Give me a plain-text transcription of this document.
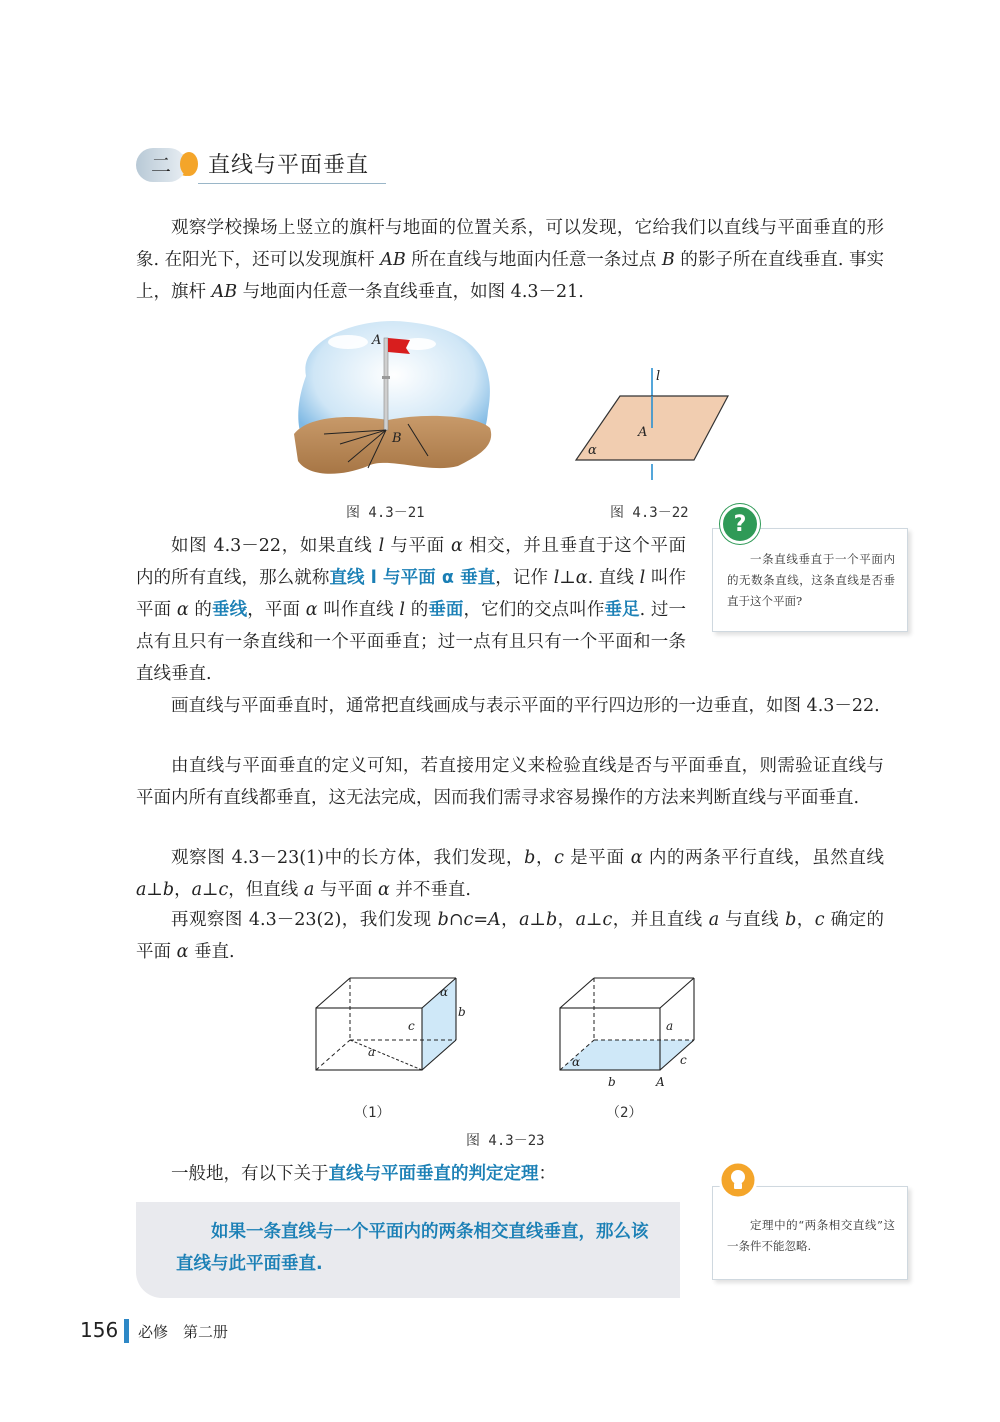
二	直线与平面垂直

观察学校操场上竖立的旗杆与地面的位置关系，可以发现，它给我们以直线与平面垂直的形象. 在阳光下，还可以发现旗杆 AB 所在直线与地面内任意一条过点 B 的影子所在直线垂直. 事实上，旗杆 AB 与地面内任意一条直线垂直，如图 4.3－21.

A
B
图 4.3－21
l
A
α
图 4.3－22

如图 4.3－22，如果直线 l 与平面 α 相交，并且垂直于这个平面内的所有直线，那么就称直线 l 与平面 α 垂直，记作 l⊥α. 直线 l 叫作平面 α 的垂线，平面 α 叫作直线 l 的垂面，它们的交点叫作垂足. 过一点有且只有一条直线和一个平面垂直；过一点有且只有一个平面和一条直线垂直.

一条直线垂直于一个平面内的无数条直线，这条直线是否垂直于这个平面?
?

画直线与平面垂直时，通常把直线画成与表示平面的平行四边形的一边垂直，如图 4.3－22.

由直线与平面垂直的定义可知，若直接用定义来检验直线是否与平面垂直，则需验证直线与平面内所有直线都垂直，这无法完成，因而我们需寻求容易操作的方法来判断直线与平面垂直.

观察图 4.3－23(1)中的长方体，我们发现，b，c 是平面 α 内的两条平行直线，虽然直线 a⊥b，a⊥c，但直线 a 与平面 α 并不垂直.

再观察图 4.3－23(2)，我们发现 b∩c=A，a⊥b，a⊥c，并且直线 a 与直线 b，c 确定的平面 α 垂直.

α
b
c
a
a
c
α
b	A
（1）	（2）
图 4.3－23

一般地，有以下关于直线与平面垂直的判定定理：

如果一条直线与一个平面内的两条相交直线垂直，那么该直线与此平面垂直.
定理中的“两条相交直线”这一条件不能忽略.
156 必修　第二册
